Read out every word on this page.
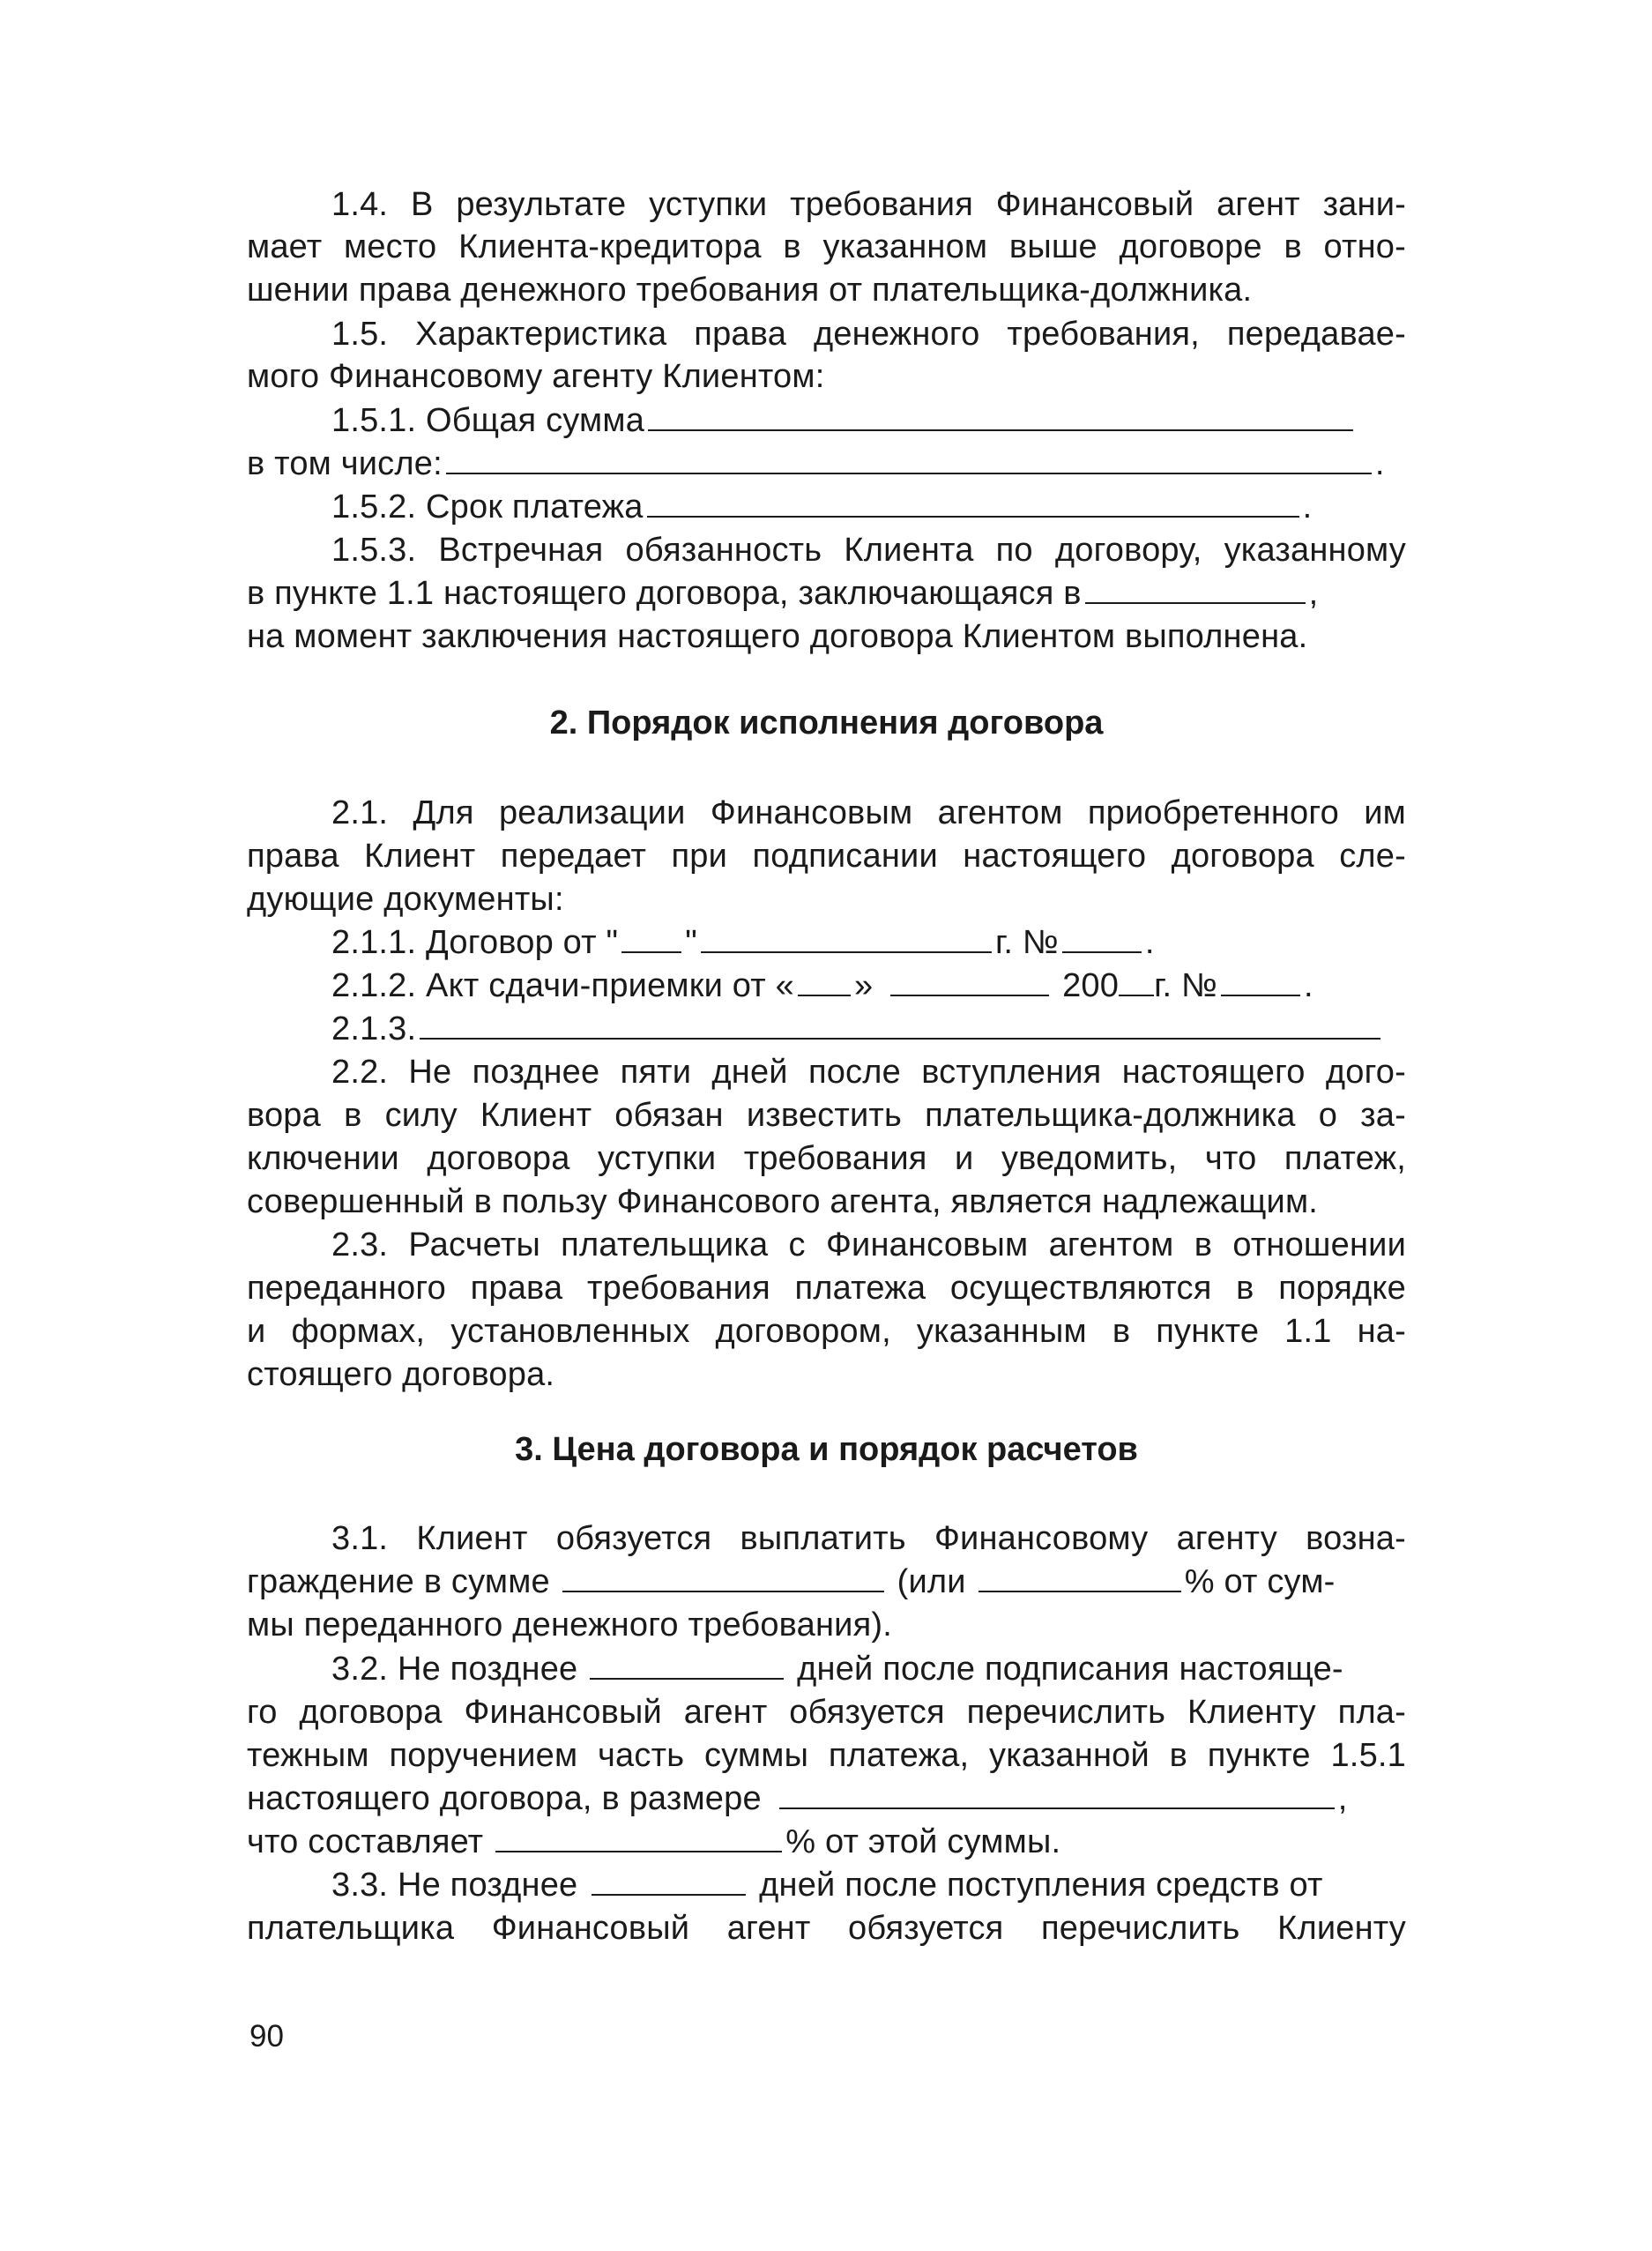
1.4. В результате уступки требования Финансовый агент зани-
мает место Клиента-кредитора в указанном выше договоре в отно-
шении права денежного требования от плательщика-должника.
1.5. Характеристика права денежного требования, передавае-
мого Финансовому агенту Клиентом:
1.5.1. Общая сумма
в том числе:	.
1.5.2. Срок платежа	.
1.5.3. Встречная обязанность Клиента по договору, указанному
в пункте 1.1 настоящего договора, заключающаяся в	,
на момент заключения настоящего договора Клиентом выполнена.
2. Порядок исполнения договора
2.1. Для реализации Финансовым агентом приобретенного им
права Клиент передает при подписании настоящего договора сле-
дующие документы:
2.1.1. Договор от " "	г. №	.
2.1.2. Акт сдачи-приемки от « »	200 г. №	.
2.1.3.
2.2. Не позднее пяти дней после вступления настоящего дого-
вора в силу Клиент обязан известить плательщика-должника о за-
ключении договора уступки требования и уведомить, что платеж,
совершенный в пользу Финансового агента, является надлежащим.
2.3. Расчеты плательщика с Финансовым агентом в отношении
переданного права требования платежа осуществляются в порядке
и формах, установленных договором, указанным в пункте 1.1 на-
стоящего договора.
3. Цена договора и порядок расчетов
3.1. Клиент обязуется выплатить Финансовому агенту возна-
граждение в сумме	(или	% от сум-
мы переданного денежного требования).
3.2. Не позднее	дней после подписания настояще-
го договора Финансовый агент обязуется перечислить Клиенту пла-
тежным поручением часть суммы платежа, указанной в пункте 1.5.1
настоящего договора, в размере	,
что составляет	% от этой суммы.
3.3. Не позднее	дней после поступления средств от
плательщика Финансовый агент обязуется перечислить Клиенту
90
